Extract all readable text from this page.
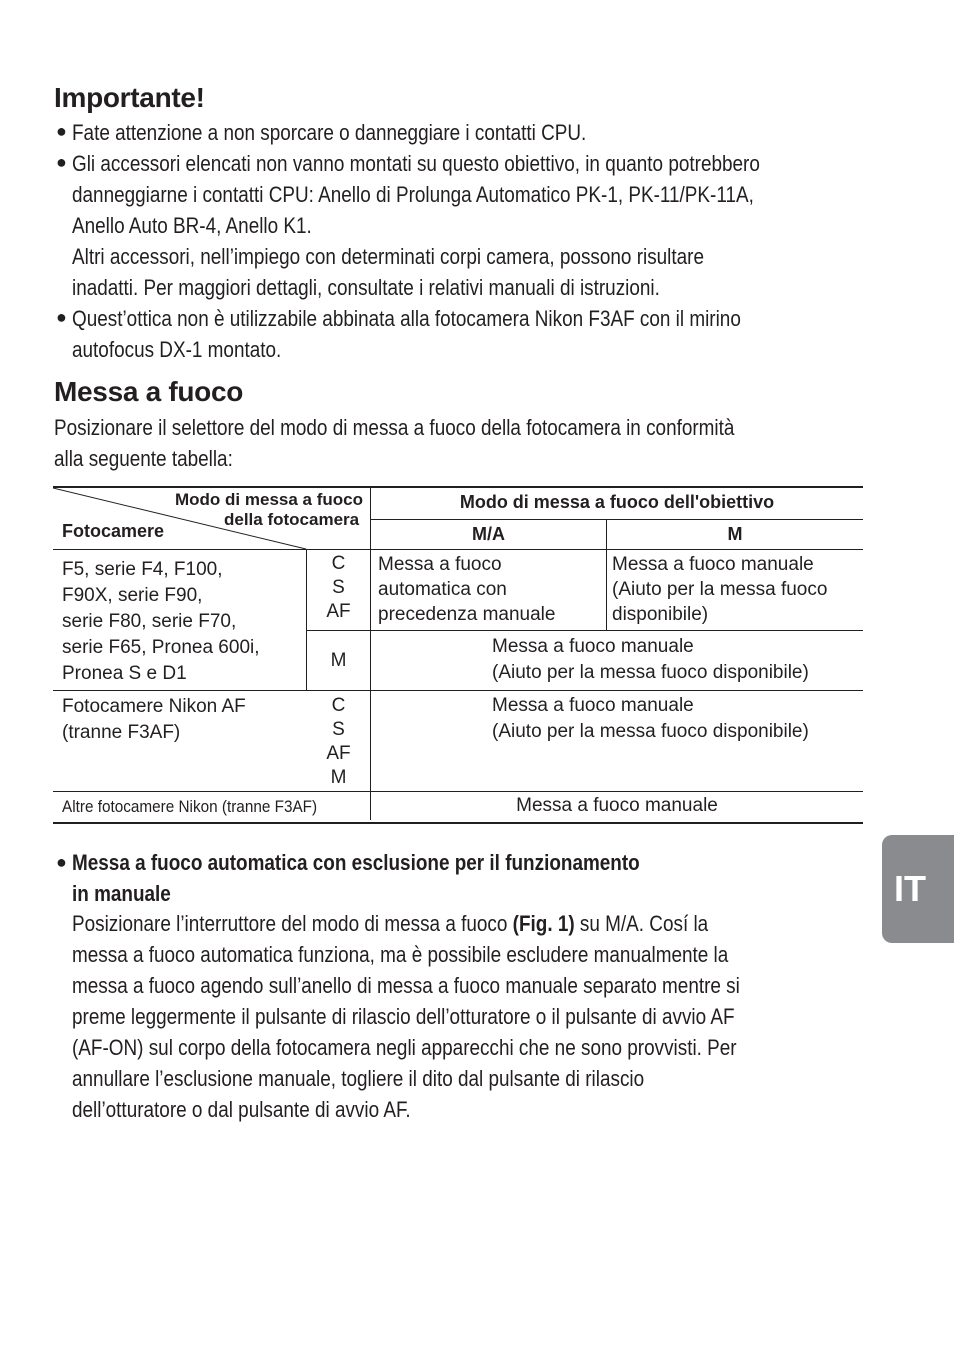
Importante!
● Fate attenzione a non sporcare o danneggiare i contatti CPU.
● Gli accessori elencati non vanno montati su questo obiettivo, in quanto potrebbero
danneggiarne i contatti CPU: Anello di Prolunga Automatico PK-1, PK-11/PK-11A,
Anello Auto BR-4, Anello K1.
Altri accessori, nell’impiego con determinati corpi camera, possono risultare
inadatti. Per maggiori dettagli, consultate i relativi manuali di istruzioni.
● Quest’ottica non è utilizzabile abbinata alla fotocamera Nikon F3AF con il mirino
autofocus DX-1 montato.
Messa a fuoco
Posizionare il selettore del modo di messa a fuoco della fotocamera in conformità
alla seguente tabella:
Modo di messa a fuoco
della fotocamera
Fotocamere
Modo di messa a fuoco dell'obiettivo
M/A	M
F5, serie F4, F100,
F90X, serie F90,
serie F80, serie F70,
serie F65, Pronea 600i,
Pronea S e D1
C
S
AF
Messa a fuoco
automatica con
precedenza manuale
Messa a fuoco manuale
(Aiuto per la messa fuoco
disponibile)
M
Messa a fuoco manuale
(Aiuto per la messa fuoco disponibile)
Fotocamere Nikon AF
(tranne F3AF)
C
S
AF
M
Messa a fuoco manuale
(Aiuto per la messa fuoco disponibile)
Altre fotocamere Nikon (tranne F3AF)	Messa a fuoco manuale
● Messa a fuoco automatica con esclusione per il funzionamento
in manuale
Posizionare l’interruttore del modo di messa a fuoco (Fig. 1) su M/A. Cosí la
messa a fuoco automatica funziona, ma è possibile escludere manualmente la
messa a fuoco agendo sull’anello di messa a fuoco manuale separato mentre si
preme leggermente il pulsante di rilascio dell’otturatore o il pulsante di avvio AF
(AF-ON) sul corpo della fotocamera negli apparecchi che ne sono provvisti. Per
annullare l’esclusione manuale, togliere il dito dal pulsante di rilascio
dell’otturatore o dal pulsante di avvio AF.
IT
